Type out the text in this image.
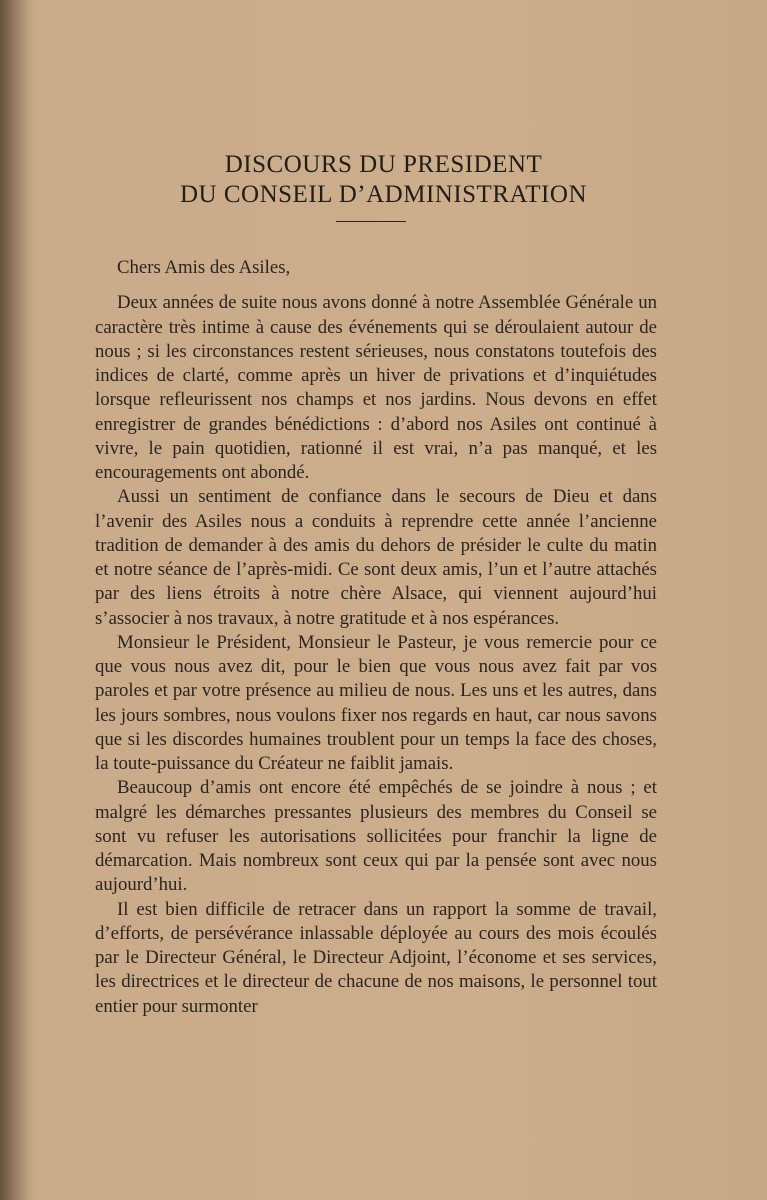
DISCOURS DU PRESIDENT
DU CONSEIL D’ADMINISTRATION

Chers Amis des Asiles,

Deux années de suite nous avons donné à notre Assemblée Générale un caractère très intime à cause des événements qui se déroulaient autour de nous ; si les circonstances restent sérieuses, nous constatons toutefois des indices de clarté, comme après un hiver de privations et d’inquiétudes lorsque refleurissent nos champs et nos jardins. Nous devons en effet enregistrer de grandes bénédictions : d’abord nos Asiles ont continué à vivre, le pain quotidien, rationné il est vrai, n’a pas manqué, et les encouragements ont abondé.

Aussi un sentiment de confiance dans le secours de Dieu et dans l’avenir des Asiles nous a conduits à reprendre cette année l’ancienne tradition de demander à des amis du dehors de présider le culte du matin et notre séance de l’après-midi. Ce sont deux amis, l’un et l’autre attachés par des liens étroits à notre chère Alsace, qui viennent aujourd’hui s’associer à nos travaux, à notre gratitude et à nos espérances.

Monsieur le Président, Monsieur le Pasteur, je vous remercie pour ce que vous nous avez dit, pour le bien que vous nous avez fait par vos paroles et par votre présence au milieu de nous. Les uns et les autres, dans les jours sombres, nous voulons fixer nos regards en haut, car nous savons que si les discordes humaines troublent pour un temps la face des choses, la toute-puissance du Créateur ne faiblit jamais.

Beaucoup d’amis ont encore été empêchés de se joindre à nous ; et malgré les démarches pressantes plusieurs des membres du Conseil se sont vu refuser les autorisations sollicitées pour franchir la ligne de démarcation. Mais nombreux sont ceux qui par la pensée sont avec nous aujourd’hui.

Il est bien difficile de retracer dans un rapport la somme de travail, d’efforts, de persévérance inlassable déployée au cours des mois écoulés par le Directeur Général, le Directeur Adjoint, l’économe et ses services, les directrices et le directeur de chacune de nos maisons, le personnel tout entier pour surmonter
